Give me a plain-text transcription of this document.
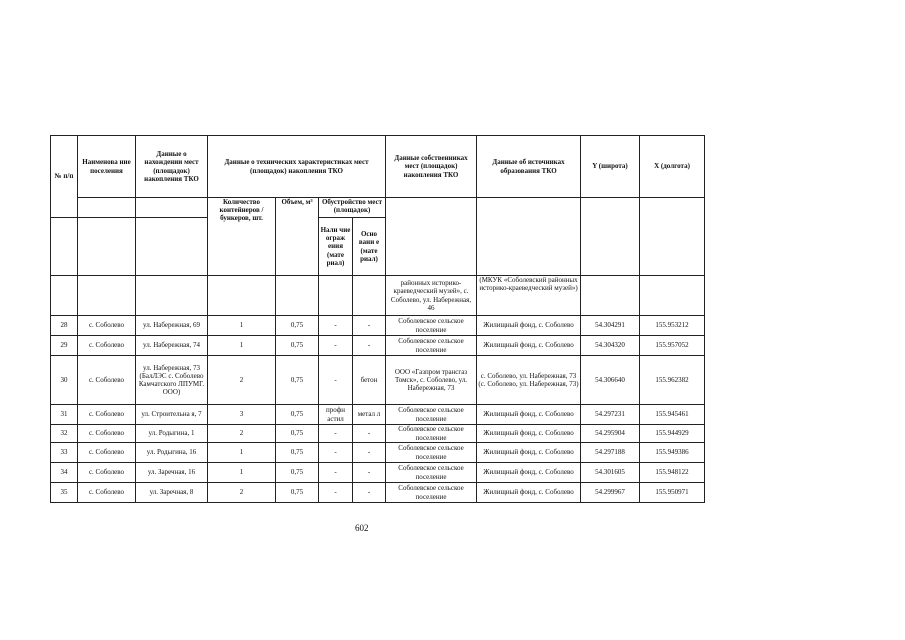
№ п/п	Наименова ние поселения	Данные о нахождении мест (площадок) накопления ТКО	Данные о технических характеристиках мест (площадок) накопления ТКО				Данные собственниках мест (площадок) накопления ТКО	Данные об источниках образования ТКО	Y (широта)	X (долгота)
			Количество контейнеров / бункеров, шт.	Объем, м³	Обустройство мест (площадок)					
					Нали чие ограж ения (мате риал)	Осно вани е (мате риал)				
							районных историко-краеведческий музей», с. Соболево, ул. Набережная, 46	(МКУК «Соболевский районных историко-краеведческий музей»)		
28	с. Соболево	ул. Набережная, 69	1	0,75	-	-	Соболевское сельское поселение	Жилищный фонд, с. Соболево	54.304291	155.953212
29	с. Соболево	ул. Набережная, 74	1	0,75	-	-	Соболевское сельское поселение	Жилищный фонд, с. Соболево	54.304320	155.957052
30	с. Соболево	ул. Набережная, 73 (БалЛЭС с. Соболево Камчатского ЛПУМГ. ООО)	2	0,75	-	бетон	ООО «Газпром трансгаз Томск», с. Соболево, ул. Набережная, 73	с. Соболево, ул. Набережная, 73 (с. Соболево, ул. Набережная, 73)	54.306640	155.962382
31	с. Соболево	ул. Строительна я, 7	3	0,75	профн астил	метал л	Соболевское сельское поселение	Жилищный фонд, с. Соболево	54.297231	155.945461
32	с. Соболево	ул. Родыгина, 1	2	0,75	-	-	Соболевское сельское поселение	Жилищный фонд, с. Соболево	54.295904	155.944929
33	с. Соболево	ул. Родыгина, 16	1	0,75	-	-	Соболевское сельское поселение	Жилищный фонд, с. Соболево	54.297188	155.949386
34	с. Соболево	ул. Заречная, 16	1	0,75	-	-	Соболевское сельское поселение	Жилищный фонд, с. Соболево	54.301605	155.948122
35	с. Соболево	ул. Заречная, 8	2	0,75	-	-	Соболевское сельское поселение	Жилищный фонд, с. Соболево	54.299967	155.950971
602
